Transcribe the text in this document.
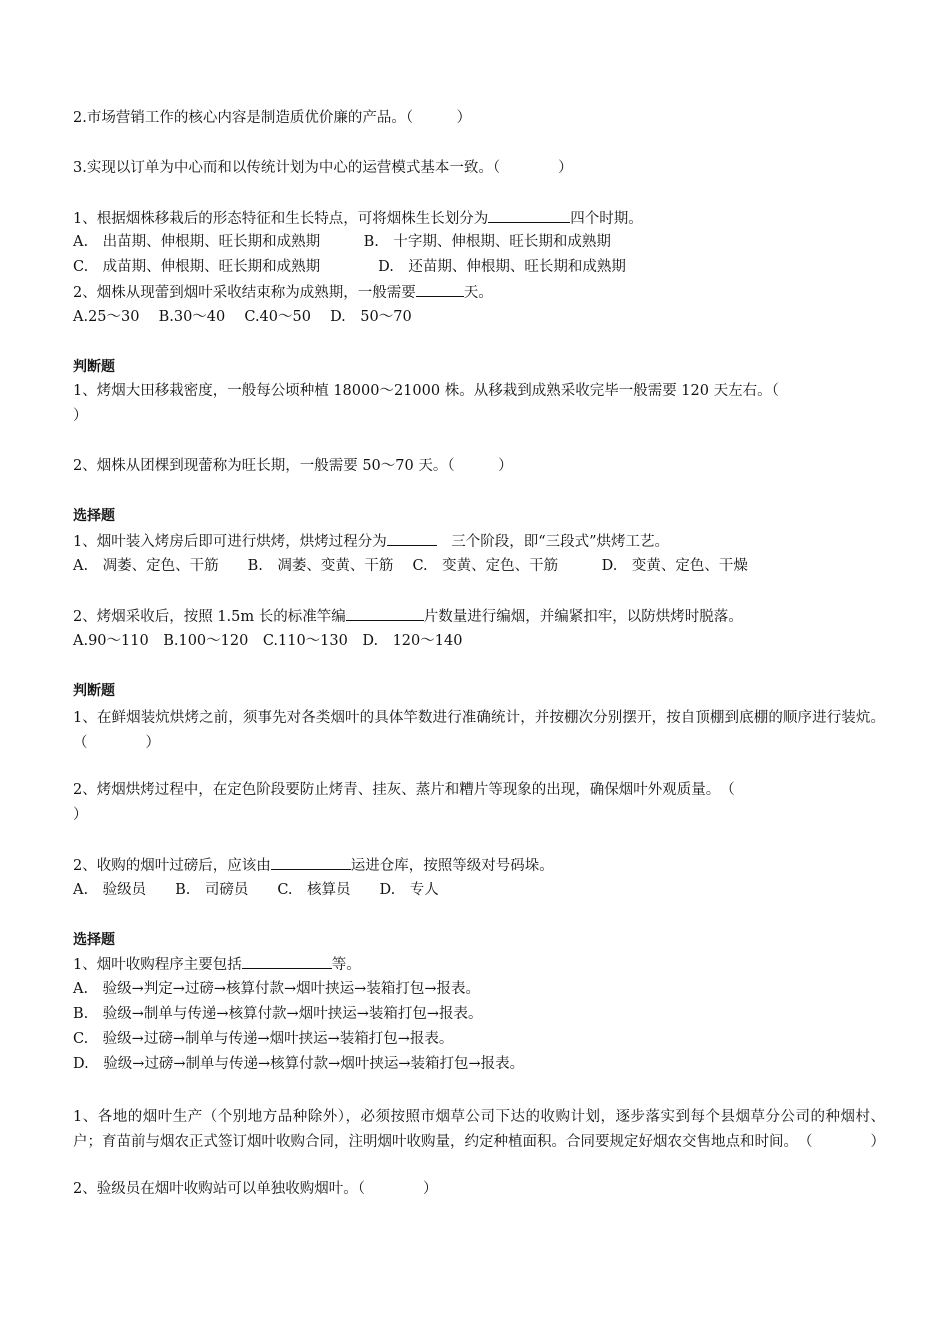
2.市场营销工作的核心内容是制造质优价廉的产品。（　　　）
3.实现以订单为中心而和以传统计划为中心的运营模式基本一致。（　　　　）
1、根据烟株移栽后的形态特征和生长特点，可将烟株生长划分为	四个时期。
A.　出苗期、伸根期、旺长期和成熟期　　　B.　十字期、伸根期、旺长期和成熟期
C.　成苗期、伸根期、旺长期和成熟期　　　　D.　还苗期、伸根期、旺长期和成熟期
2、烟株从现蕾到烟叶采收结束称为成熟期，一般需要	天。
A.25～30　 B.30～40　 C.40～50　 D.　50～70
判断题
1、烤烟大田移栽密度，一般每公顷种植 18000～21000 株。从移栽到成熟采收完毕一般需要 120 天左右。（
）
2、烟株从团棵到现蕾称为旺长期，一般需要 50～70 天。（　　　）
选择题
1、烟叶装入烤房后即可进行烘烤，烘烤过程分为	　三个阶段，即“三段式”烘烤工艺。
A.　凋萎、定色、干筋　　B.　凋萎、变黄、干筋　 C.　变黄、定色、干筋　　　D.　变黄、定色、干燥
2、烤烟采收后，按照 1.5m 长的标准竿编	片数量进行编烟，并编紧扣牢，以防烘烤时脱落。
A.90～110　B.100～120　C.110～130　D.　120～140
判断题
1、在鲜烟装炕烘烤之前，须事先对各类烟叶的具体竿数进行准确统计，并按棚次分别摆开，按自顶棚到底棚的顺序进行装炕。（　　　　）
2、烤烟烘烤过程中，在定色阶段要防止烤青、挂灰、蒸片和糟片等现象的出现，确保烟叶外观质量。　（
）
2、收购的烟叶过磅后，应该由	运进仓库，按照等级对号码垛。
A.　验级员　　B.　司磅员　　C.　核算员　　D.　专人
选择题
1、烟叶收购程序主要包括	等。
A.　验级→判定→过磅→核算付款→烟叶挟运→装箱打包→报表。
B.　验级→制单与传递→核算付款→烟叶挟运→装箱打包→报表。
C.　验级→过磅→制单与传递→烟叶挟运→装箱打包→报表。
D.　验级→过磅→制单与传递→核算付款→烟叶挟运→装箱打包→报表。
1、各地的烟叶生产（个别地方品种除外），必须按照市烟草公司下达的收购计划，逐步落实到每个县烟草分公司的种烟村、户；育苗前与烟农正式签订烟叶收购合同，注明烟叶收购量，约定种植面积。合同要规定好烟农交售地点和时间。　（　　　　）
2、验级员在烟叶收购站可以单独收购烟叶。（　　　　）
